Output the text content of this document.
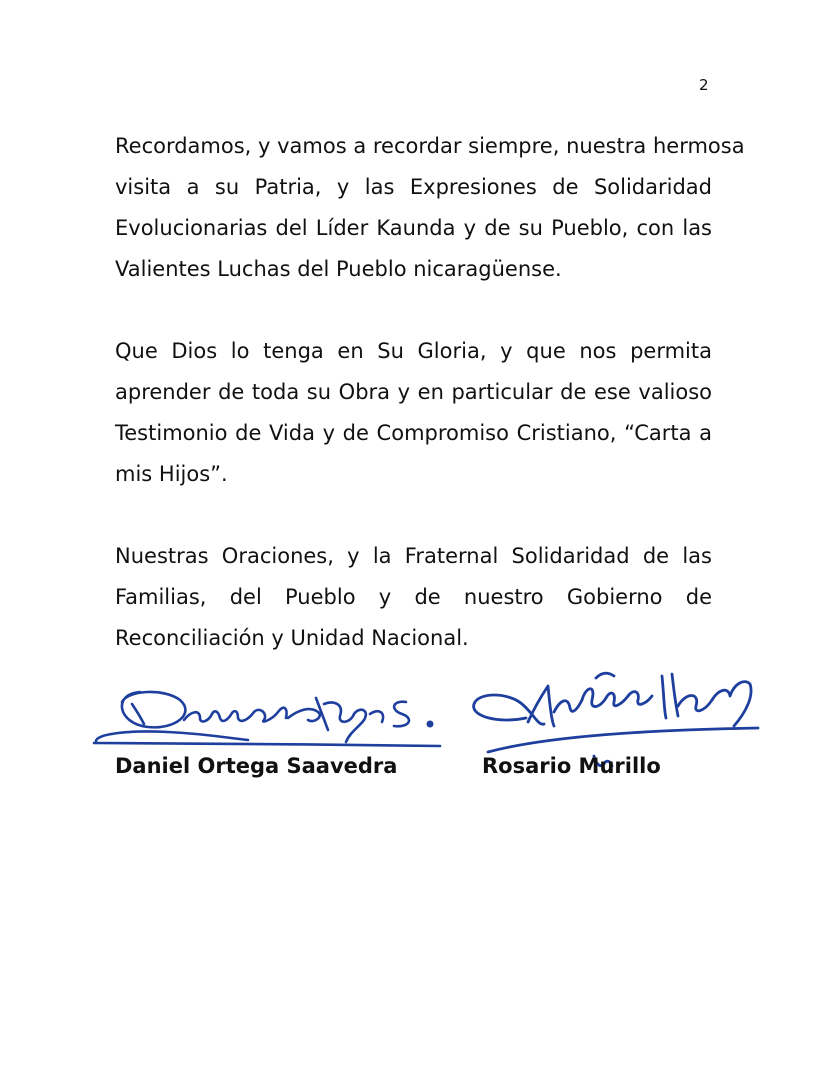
2

Recordamos, y vamos a recordar siempre, nuestra hermosa
visita a su Patria, y las Expresiones de Solidaridad
Evolucionarias del Líder Kaunda y de su Pueblo, con las
Valientes Luchas del Pueblo nicaragüense.

Que Dios lo tenga en Su Gloria, y que nos permita
aprender de toda su Obra y en particular de ese valioso
Testimonio de Vida y de Compromiso Cristiano, “Carta a
mis Hijos”.

Nuestras Oraciones, y la Fraternal Solidaridad de las
Familias, del Pueblo y de nuestro Gobierno de
Reconciliación y Unidad Nacional.

Daniel Ortega Saavedra	Rosario Murillo
